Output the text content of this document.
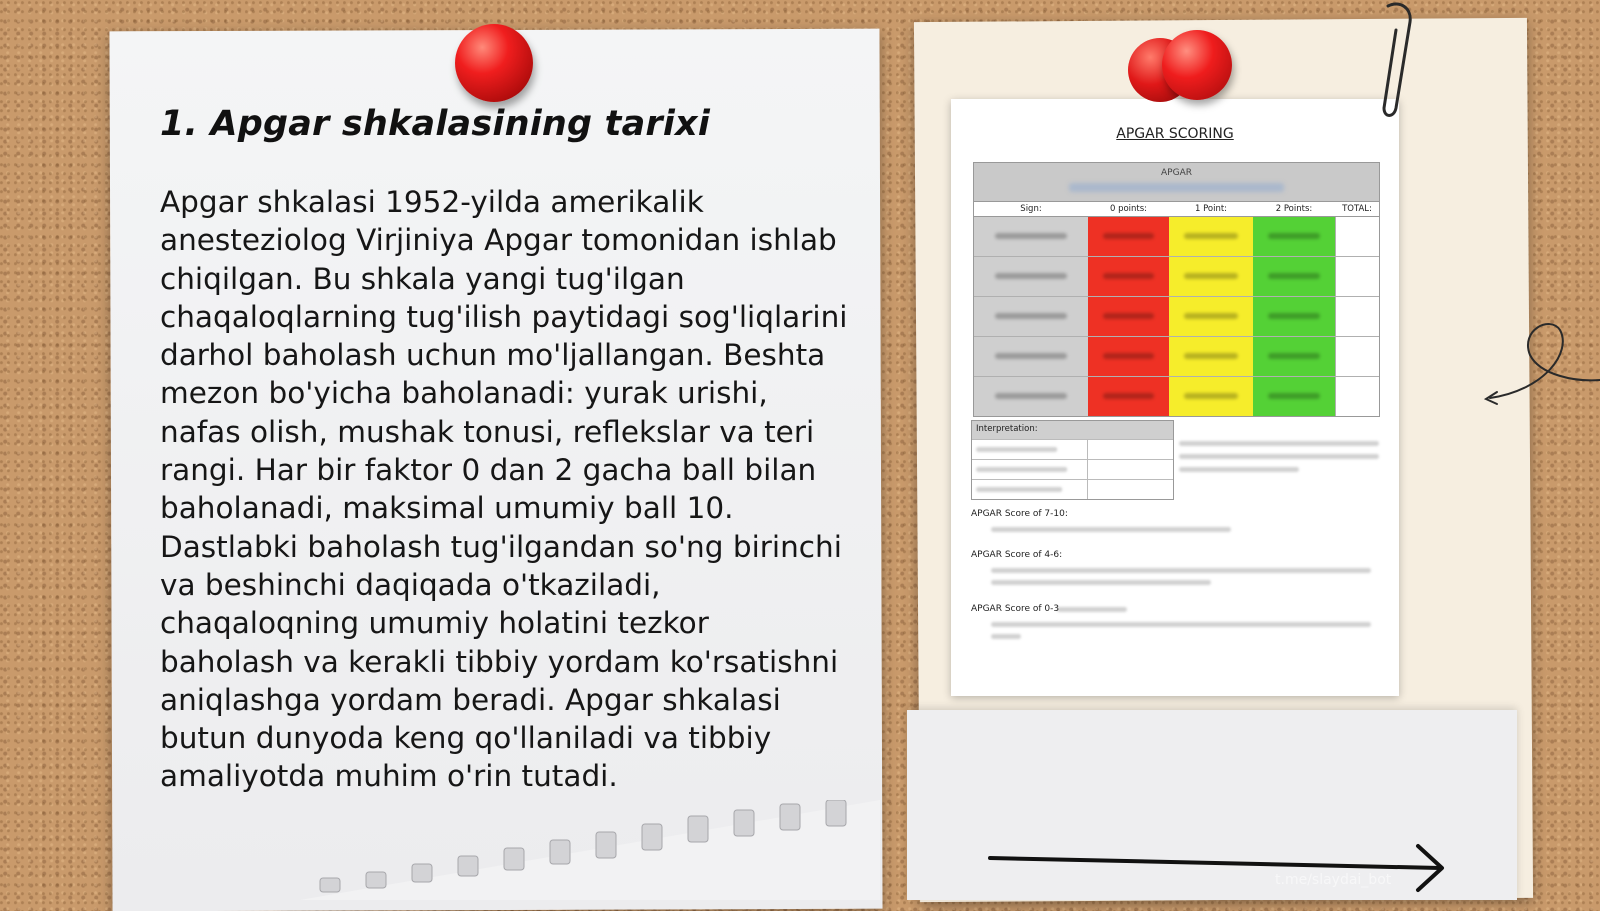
1. Apgar shkalasining tarixi

Apgar shkalasi 1952-yilda amerikalik anesteziolog Virjiniya Apgar tomonidan ishlab chiqilgan. Bu shkala yangi tug'ilgan chaqaloqlarning tug'ilish paytidagi sog'liqlarini darhol baholash uchun mo'ljallangan. Beshta mezon bo'yicha baholanadi: yurak urishi, nafas olish, mushak tonusi, reflekslar va teri rangi. Har bir faktor 0 dan 2 gacha ball bilan baholanadi, maksimal umumiy ball 10. Dastlabki baholash tug'ilgandan so'ng birinchi va beshinchi daqiqada o'tkaziladi, chaqaloqning umumiy holatini tezkor baholash va kerakli tibbiy yordam ko'rsatishni aniqlashga yordam beradi. Apgar shkalasi butun dunyoda keng qo'llaniladi va tibbiy amaliyotda muhim o'rin tutadi.

APGAR SCORING
APGAR
Sign:	0 points:	1 Point:	2 Points:	TOTAL:
Interpretation:
APGAR Score of 7-10:
APGAR Score of 4-6:
APGAR Score of 0-3
t.me/slaydai_bot
